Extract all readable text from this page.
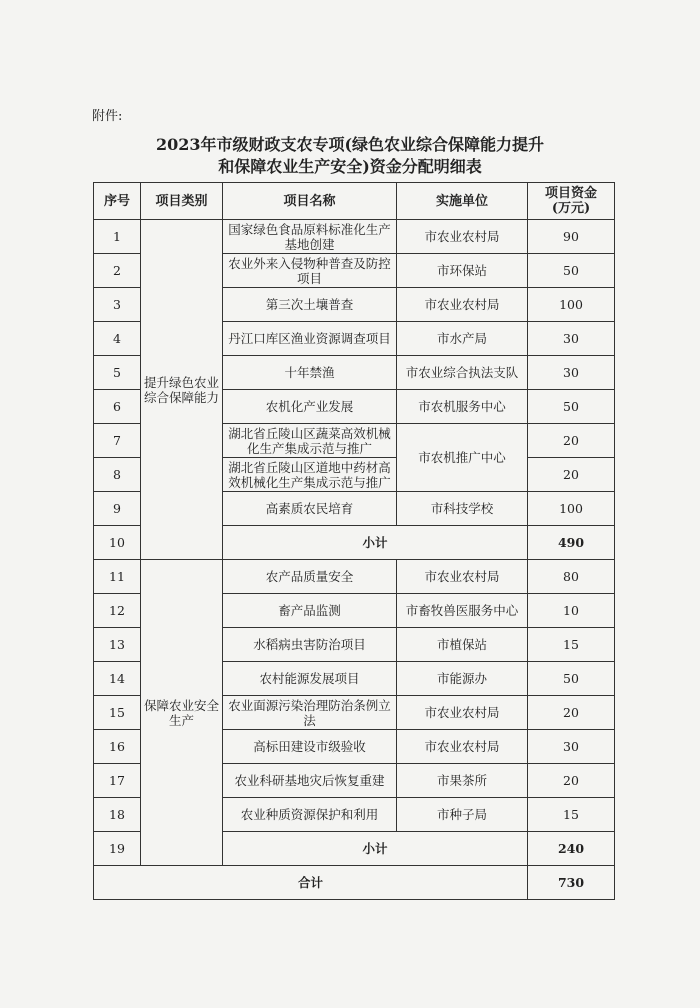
附件:
2023年市级财政支农专项(绿色农业综合保障能力提升
和保障农业生产安全)资金分配明细表
序号	项目类别	项目名称	实施单位	项目资金
(万元)

1	提升绿色农业综合保障能力	国家绿色食品原料标准化生产基地创建	市农业农村局	90
2		农业外来入侵物种普查及防控项目	市环保站	50
3		第三次土壤普查	市农业农村局	100
4		丹江口库区渔业资源调查项目	市水产局	30
5		十年禁渔	市农业综合执法支队	30
6		农机化产业发展	市农机服务中心	50
7		湖北省丘陵山区蔬菜高效机械化生产集成示范与推广	市农机推广中心	20
8		湖北省丘陵山区道地中药材高效机械化生产集成示范与推广		20
9		高素质农民培育	市科技学校	100
10		小计		490
11	保障农业安全生产	农产品质量安全	市农业农村局	80
12		畜产品监测	市畜牧兽医服务中心	10
13		水稻病虫害防治项目	市植保站	15
14		农村能源发展项目	市能源办	50
15		农业面源污染治理防治条例立法	市农业农村局	20
16		高标田建设市级验收	市农业农村局	30
17		农业科研基地灾后恢复重建	市果茶所	20
18		农业种质资源保护和利用	市种子局	15
19		小计		240
合计				730
